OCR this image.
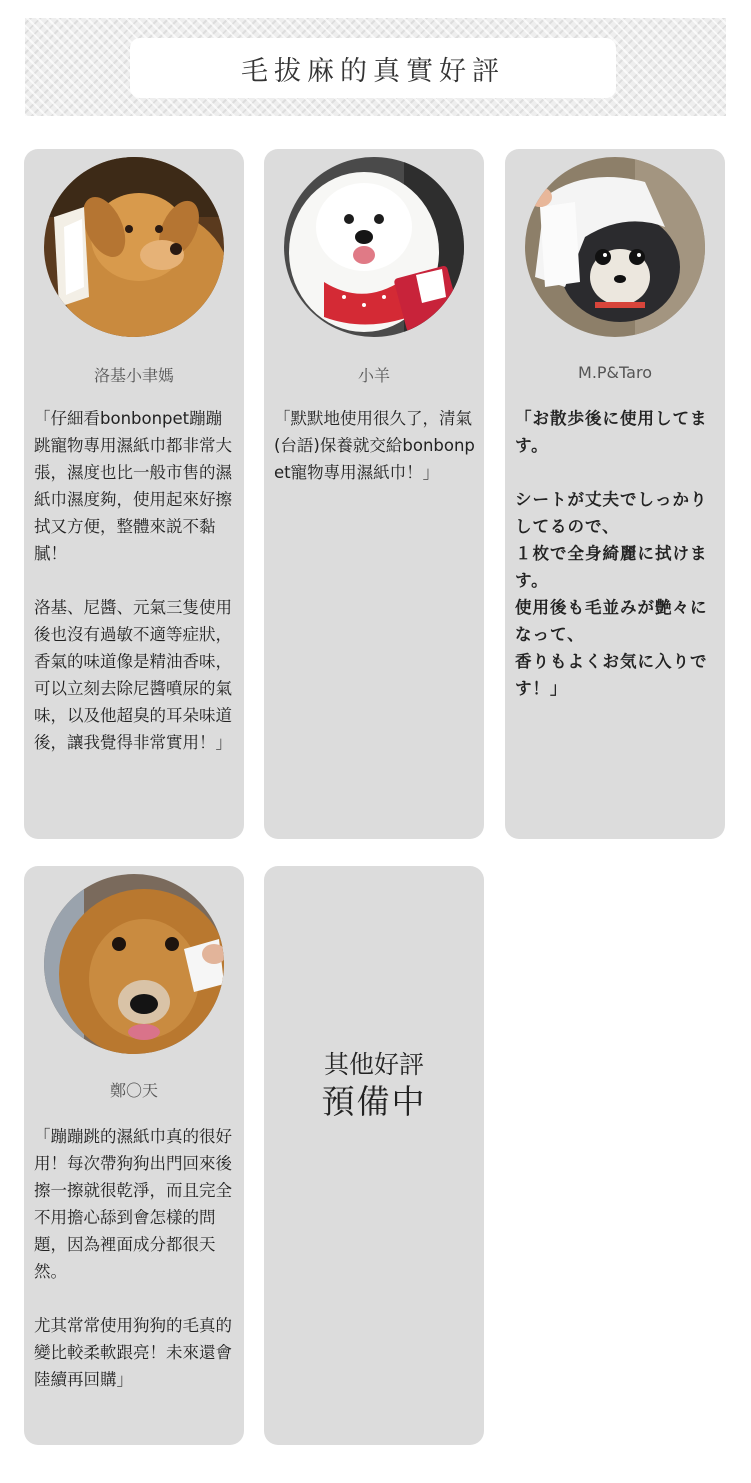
毛拔麻的真實好評
洛基小聿媽
「仔細看bonbonpet蹦蹦跳寵物專用濕紙巾都非常大張，濕度也比一般市售的濕紙巾濕度夠，使用起來好擦拭又方便，整體來説不黏膩！

洛基、尼醬、元氣三隻使用後也沒有過敏不適等症狀，香氣的味道像是精油香味，可以立刻去除尼醬噴尿的氣味，以及他超臭的耳朵味道後，讓我覺得非常實用！」
小羊
「默默地使用很久了，清氣(台語)保養就交給bonbonpet寵物專用濕紙巾！」
M.P&Taro
「お散歩後に使用してます。

シートが丈夫でしっかりしてるので、
１枚で全身綺麗に拭けます。
使用後も毛並みが艶々になって、
香りもよくお気に入りです！」
鄭〇天
「蹦蹦跳的濕紙巾真的很好用！每次帶狗狗出門回來後擦一擦就很乾淨，而且完全不用擔心舔到會怎樣的問題，因為裡面成分都很天然。

尤其常常使用狗狗的毛真的變比較柔軟跟亮！未來還會陸續再回購」
其他好評
預備中
